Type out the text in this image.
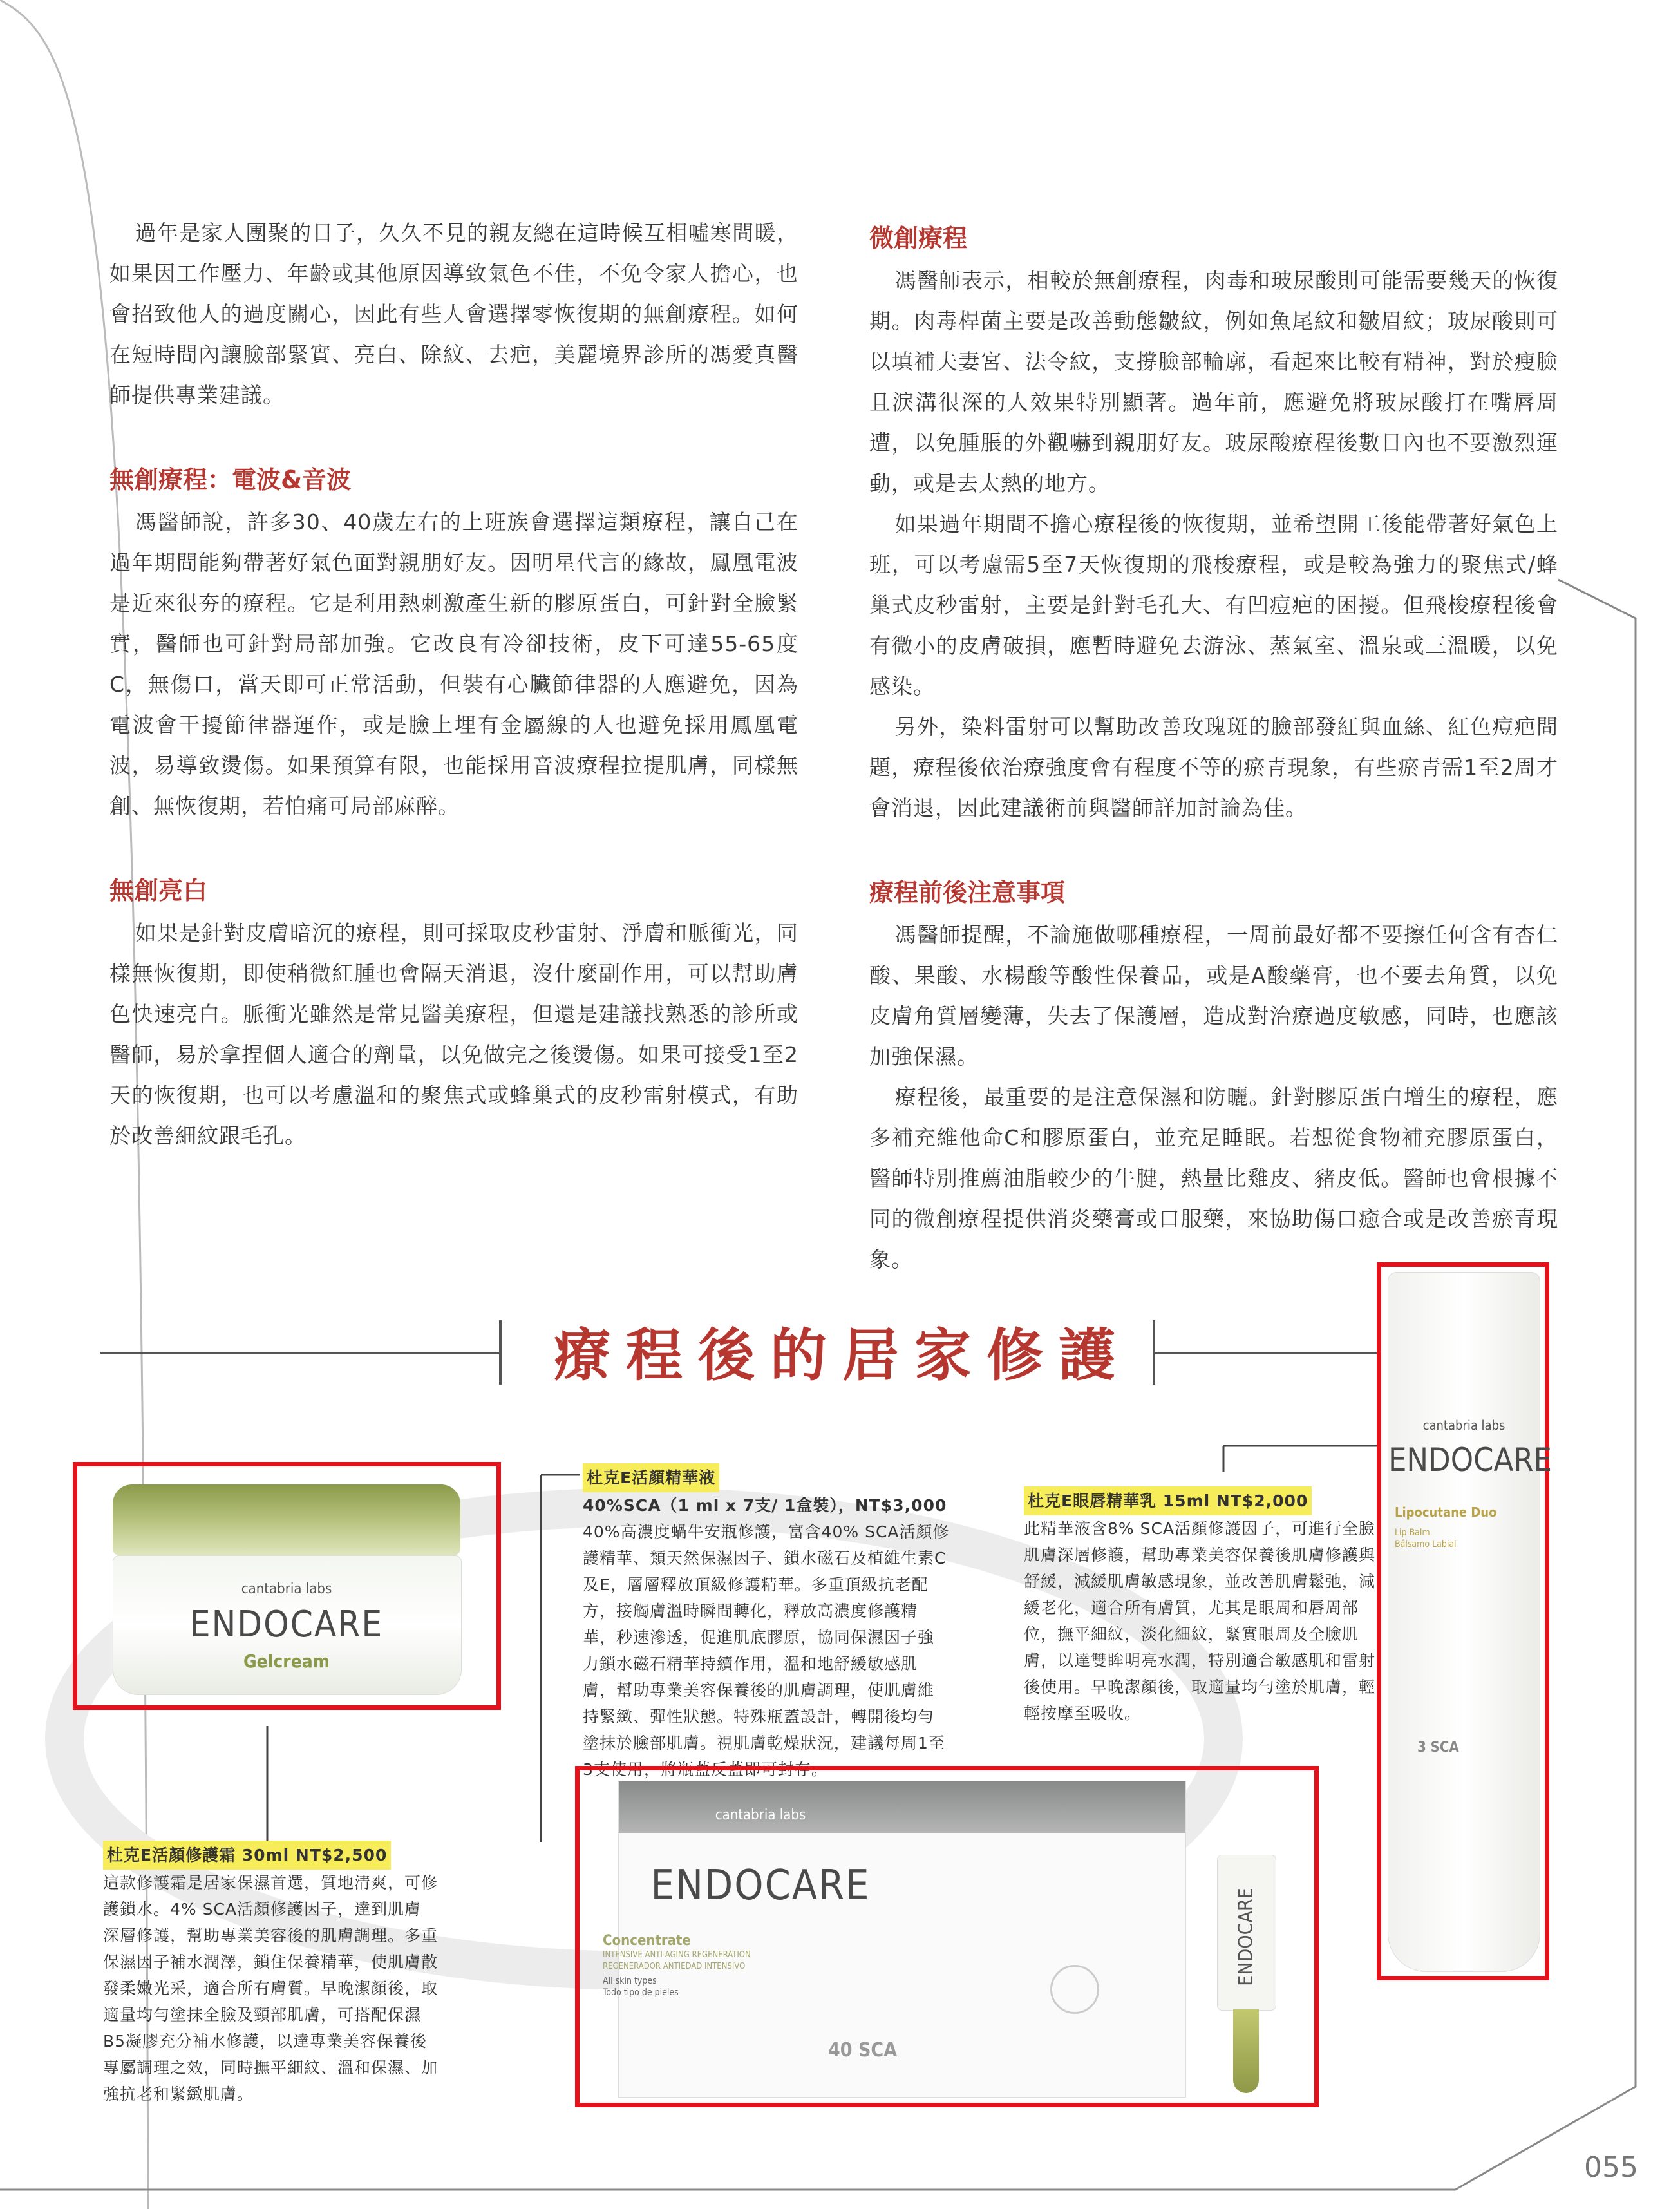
過年是家人團聚的日子，久久不見的親友總在這時候互相噓寒問暖，如果因工作壓力、年齡或其他原因導致氣色不佳，不免令家人擔心，也會招致他人的過度關心，因此有些人會選擇零恢復期的無創療程。如何在短時間內讓臉部緊實、亮白、除紋、去疤，美麗境界診所的馮愛真醫師提供專業建議。

無創療程：電波&音波

馮醫師說，許多30、40歲左右的上班族會選擇這類療程，讓自己在過年期間能夠帶著好氣色面對親朋好友。因明星代言的緣故，鳳凰電波是近來很夯的療程。它是利用熱刺激產生新的膠原蛋白，可針對全臉緊實，醫師也可針對局部加強。它改良有冷卻技術，皮下可達55-65度C，無傷口，當天即可正常活動，但裝有心臟節律器的人應避免，因為電波會干擾節律器運作，或是臉上埋有金屬線的人也避免採用鳳凰電波，易導致燙傷。如果預算有限，也能採用音波療程拉提肌膚，同樣無創、無恢復期，若怕痛可局部麻醉。

無創亮白

如果是針對皮膚暗沉的療程，則可採取皮秒雷射、淨膚和脈衝光，同樣無恢復期，即使稍微紅腫也會隔天消退，沒什麼副作用，可以幫助膚色快速亮白。脈衝光雖然是常見醫美療程，但還是建議找熟悉的診所或醫師，易於拿捏個人適合的劑量，以免做完之後燙傷。如果可接受1至2天的恢復期，也可以考慮溫和的聚焦式或蜂巢式的皮秒雷射模式，有助於改善細紋跟毛孔。

微創療程

馮醫師表示，相較於無創療程，肉毒和玻尿酸則可能需要幾天的恢復期。肉毒桿菌主要是改善動態皺紋，例如魚尾紋和皺眉紋；玻尿酸則可以填補夫妻宮、法令紋，支撐臉部輪廓，看起來比較有精神，對於瘦臉且淚溝很深的人效果特別顯著。過年前，應避免將玻尿酸打在嘴唇周遭，以免腫脹的外觀嚇到親朋好友。玻尿酸療程後數日內也不要激烈運動，或是去太熱的地方。

如果過年期間不擔心療程後的恢復期，並希望開工後能帶著好氣色上班，可以考慮需5至7天恢復期的飛梭療程，或是較為強力的聚焦式/蜂巢式皮秒雷射，主要是針對毛孔大、有凹痘疤的困擾。但飛梭療程後會有微小的皮膚破損，應暫時避免去游泳、蒸氣室、溫泉或三溫暖，以免感染。

另外，染料雷射可以幫助改善玫瑰斑的臉部發紅與血絲、紅色痘疤問題，療程後依治療強度會有程度不等的瘀青現象，有些瘀青需1至2周才會消退，因此建議術前與醫師詳加討論為佳。

療程前後注意事項

馮醫師提醒，不論施做哪種療程，一周前最好都不要擦任何含有杏仁酸、果酸、水楊酸等酸性保養品，或是A酸藥膏，也不要去角質，以免皮膚角質層變薄，失去了保護層，造成對治療過度敏感，同時，也應該加強保濕。

療程後，最重要的是注意保濕和防曬。針對膠原蛋白增生的療程，應多補充維他命C和膠原蛋白，並充足睡眠。若想從食物補充膠原蛋白，醫師特別推薦油脂較少的牛腱，熱量比雞皮、豬皮低。醫師也會根據不同的微創療程提供消炎藥膏或口服藥，來協助傷口癒合或是改善瘀青現象。

療程後的居家修護
cantabria labs
ENDOCARE
Gelcream

杜克E活顏修護霜 30ml NT$2,500

這款修護霜是居家保濕首選，質地清爽，可修護鎖水。4% SCA活顏修護因子，達到肌膚深層修護，幫助專業美容後的肌膚調理。多重保濕因子補水潤澤，鎖住保養精華，使肌膚散發柔嫩光采，適合所有膚質。早晚潔顏後，取適量均勻塗抹全臉及頸部肌膚，可搭配保濕B5凝膠充分補水修護，以達專業美容保養後專屬調理之效，同時撫平細紋、溫和保濕、加強抗老和緊緻肌膚。

杜克E活顏精華液

40%SCA（1 ml x 7支/ 1盒裝），NT$3,000

40%高濃度蝸牛安瓶修護，富含40% SCA活顏修護精華、類天然保濕因子、鎖水磁石及植維生素C及E，層層釋放頂級修護精華。多重頂級抗老配方，接觸膚溫時瞬間轉化，釋放高濃度修護精華，秒速滲透，促進肌底膠原，協同保濕因子強力鎖水磁石精華持續作用，溫和地舒緩敏感肌膚，幫助專業美容保養後的肌膚調理，使肌膚維持緊緻、彈性狀態。特殊瓶蓋設計，轉開後均勻塗抹於臉部肌膚。視肌膚乾燥狀況，建議每周1至3支使用，將瓶蓋反蓋即可封存。

cantabria labs
ENDOCARE
Concentrate
INTENSIVE ANTI-AGING REGENERATION
REGENERADOR ANTIEDAD INTENSIVO
All skin types
Todo tipo de pieles
40 SCA
ENDOCARE

杜克E眼唇精華乳 15ml NT$2,000

此精華液含8% SCA活顏修護因子，可進行全臉肌膚深層修護，幫助專業美容保養後肌膚修護與舒緩，減緩肌膚敏感現象，並改善肌膚鬆弛，減緩老化，適合所有膚質，尤其是眼周和唇周部位，撫平細紋，淡化細紋，緊實眼周及全臉肌膚，以達雙眸明亮水潤，特別適合敏感肌和雷射後使用。早晚潔顏後，取適量均勻塗於肌膚，輕輕按摩至吸收。

cantabria labs
ENDOCARE
Lipocutane Duo
Lip Balm
Bálsamo Labial
3 SCA
055
